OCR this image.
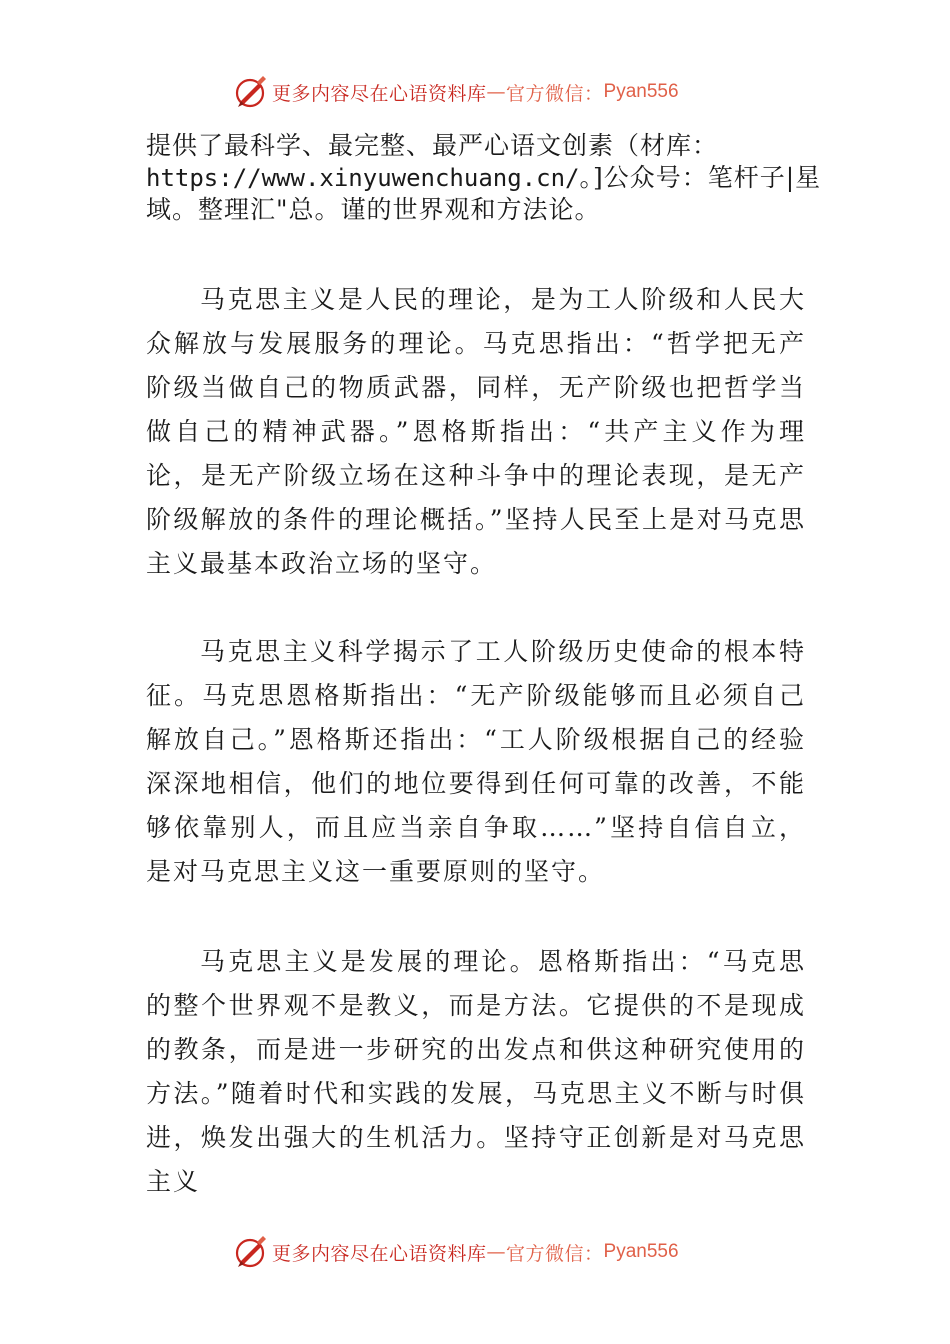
更多内容尽在心语资料库 — 官方微信： Pyan556
提供了最科学、最完整、最严心语文创素（材库：
https://www.xinyuwenchuang.cn/。]公众号：笔杆子|星
域。整理汇"总。谨的世界观和方法论。

马克思主义是人民的理论，是为工人阶级和人民大众解放与发展服务的理论。马克思指出：“哲学把无产阶级当做自己的物质武器，同样，无产阶级也把哲学当做自己的精神武器。”恩格斯指出：“共产主义作为理论，是无产阶级立场在这种斗争中的理论表现，是无产阶级解放的条件的理论概括。”坚持人民至上是对马克思主义最基本政治立场的坚守。

马克思主义科学揭示了工人阶级历史使命的根本特征。马克思恩格斯指出：“无产阶级能够而且必须自己解放自己。”恩格斯还指出：“工人阶级根据自己的经验深深地相信，他们的地位要得到任何可靠的改善，不能够依靠别人，而且应当亲自争取……”坚持自信自立，是对马克思主义这一重要原则的坚守。

马克思主义是发展的理论。恩格斯指出：“马克思的整个世界观不是教义，而是方法。它提供的不是现成的教条，而是进一步研究的出发点和供这种研究使用的方法。”随着时代和实践的发展，马克思主义不断与时俱进，焕发出强大的生机活力。坚持守正创新是对马克思主义

更多内容尽在心语资料库 — 官方微信： Pyan556
